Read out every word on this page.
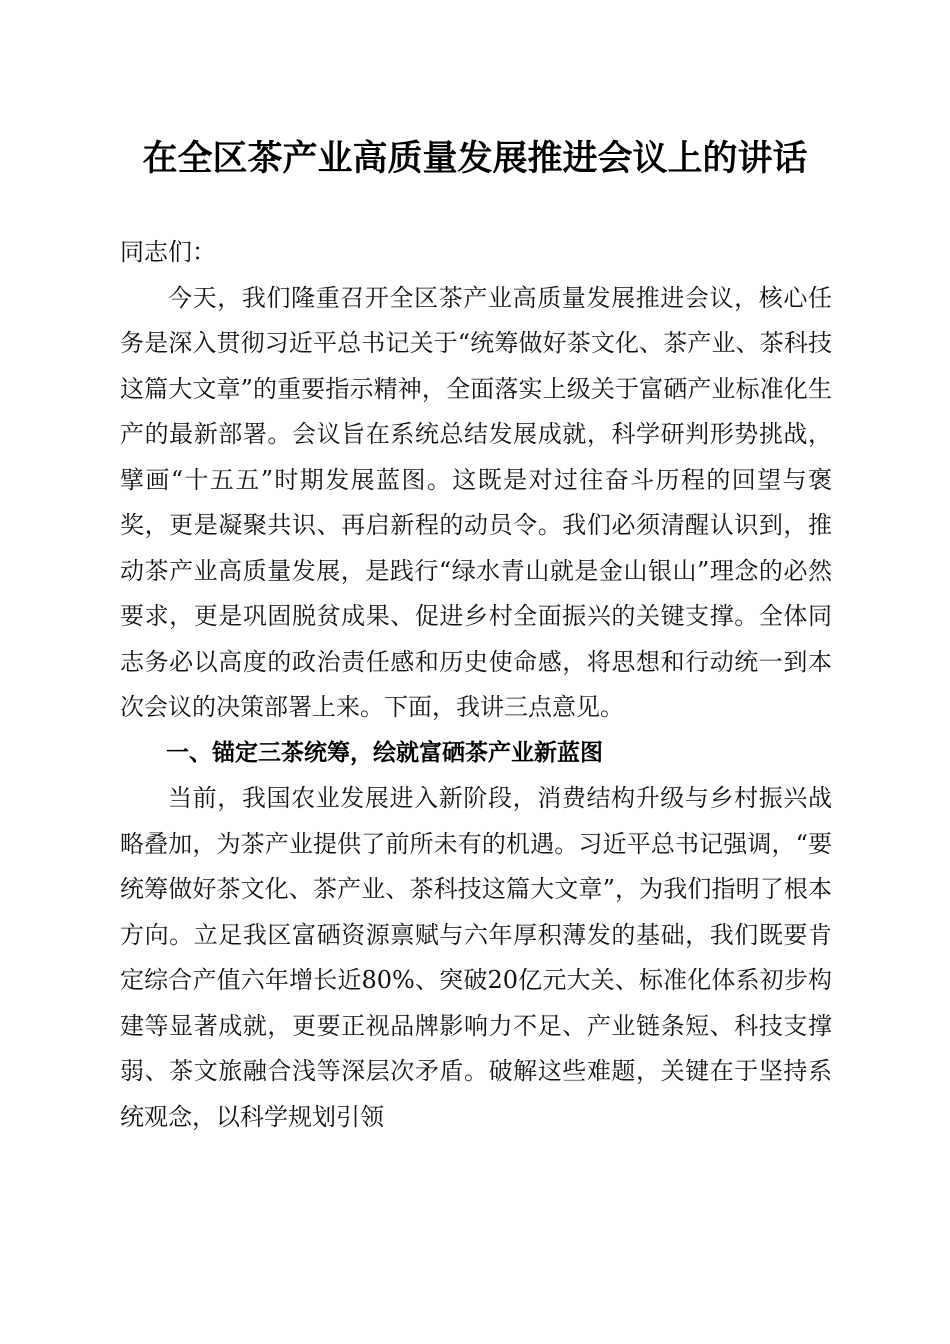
在全区茶产业高质量发展推进会议上的讲话

同志们：

今天，我们隆重召开全区茶产业高质量发展推进会议，核心任务是深入贯彻习近平总书记关于“统筹做好茶文化、茶产业、茶科技这篇大文章”的重要指示精神，全面落实上级关于富硒产业标准化生产的最新部署。会议旨在系统总结发展成就，科学研判形势挑战，擘画“十五五”时期发展蓝图。这既是对过往奋斗历程的回望与褒奖，更是凝聚共识、再启新程的动员令。我们必须清醒认识到，推动茶产业高质量发展，是践行“绿水青山就是金山银山”理念的必然要求，更是巩固脱贫成果、促进乡村全面振兴的关键支撑。全体同志务必以高度的政治责任感和历史使命感，将思想和行动统一到本次会议的决策部署上来。下面，我讲三点意见。

一、锚定三茶统筹，绘就富硒茶产业新蓝图

当前，我国农业发展进入新阶段，消费结构升级与乡村振兴战略叠加，为茶产业提供了前所未有的机遇。习近平总书记强调，“要统筹做好茶文化、茶产业、茶科技这篇大文章”，为我们指明了根本方向。立足我区富硒资源禀赋与六年厚积薄发的基础，我们既要肯定综合产值六年增长近80%、突破20亿元大关、标准化体系初步构建等显著成就，更要正视品牌影响力不足、产业链条短、科技支撑弱、茶文旅融合浅等深层次矛盾。破解这些难题，关键在于坚持系统观念，以科学规划引领
